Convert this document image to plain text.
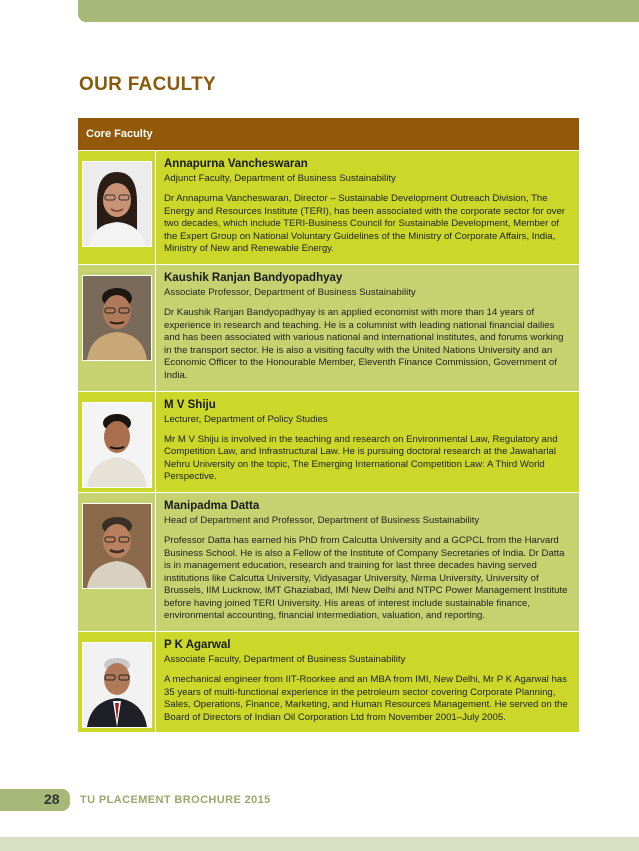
OUR FACULTY
Core Faculty
Annapurna Vancheswaran
Adjunct Faculty, Department of Business Sustainability
Dr Annapurna Vancheswaran, Director – Sustainable Development Outreach Division, The Energy and Resources Institute (TERI), has been associated with the corporate sector for over two decades, which include TERI-Business Council for Sustainable Development, Member of the Expert Group on National Voluntary Guidelines of the Ministry of Corporate Affairs, India, Ministry of New and Renewable Energy.
Kaushik Ranjan Bandyopadhyay
Associate Professor, Department of Business Sustainability
Dr Kaushik Ranjan Bandyopadhyay is an applied economist with more than 14 years of experience in research and teaching. He is a columnist with leading national financial dailies and has been associated with various national and international institutes, and forums working in the transport sector. He is also a visiting faculty with the United Nations University and an Economic Officer to the Honourable Member, Eleventh Finance Commission, Government of India.
M V Shiju
Lecturer, Department of Policy Studies
Mr M V Shiju is involved in the teaching and research on Environmental Law, Regulatory and Competition Law, and Infrastructural Law. He is pursuing doctoral research at the Jawaharlal Nehru University on the topic, The Emerging International Competition Law: A Third World Perspective.
Manipadma Datta
Head of Department and Professor, Department of Business Sustainability
Professor Datta has earned his PhD from Calcutta University and a GCPCL from the Harvard Business School. He is also a Fellow of the Institute of Company Secretaries of India. Dr Datta is in management education, research and training for last three decades having served institutions like Calcutta University, Vidyasagar University, Nirma University, University of Brussels, IIM Lucknow, IMT Ghaziabad, IMI New Delhi and NTPC Power Management Institute before having joined TERI University. His areas of interest include sustainable finance, environmental accounting, financial intermediation, valuation, and reporting.
P K Agarwal
Associate Faculty, Department of Business Sustainability
A mechanical engineer from IIT-Roorkee and an MBA from IMI, New Delhi, Mr P K Agarwal has 35 years of multi-functional experience in the petroleum sector covering Corporate Planning, Sales, Operations, Finance, Marketing, and Human Resources Management. He served on the Board of Directors of Indian Oil Corporation Ltd from November 2001–July 2005.
28 TU PLACEMENT BROCHURE 2015
